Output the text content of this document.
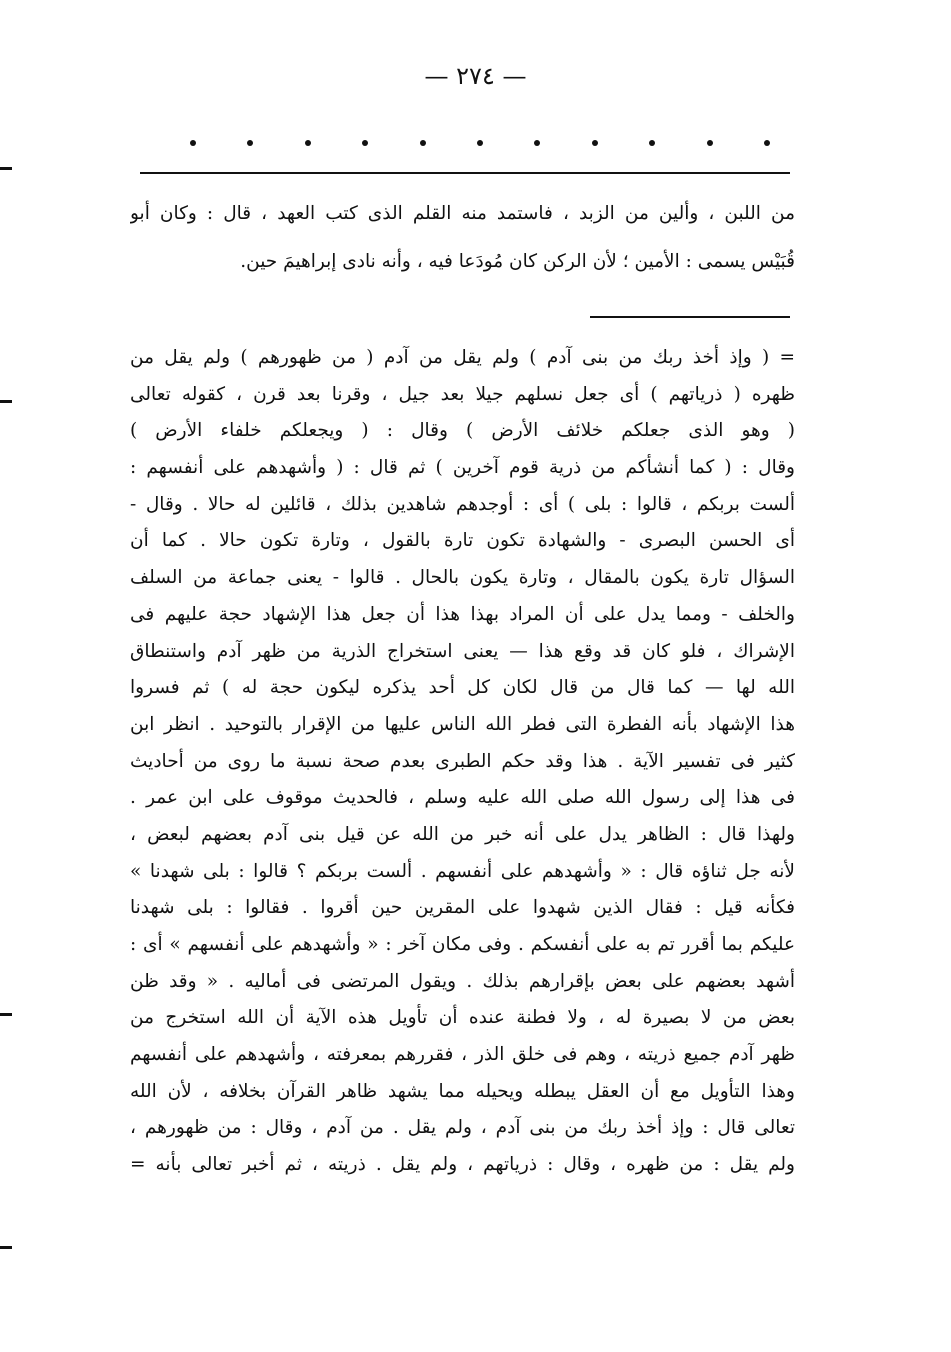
— ٢٧٤ —
من اللبن ، وألين من الزبد ، فاستمد منه القلم الذى كتب العهد ، قال : وكان أبو
قُبَيْس يسمى : الأمين ؛ لأن الركن كان مُودَعا فيه ، وأنه نادى إبراهيمَ حين.
= ( وإذ أخذ ربك من بنى آدم ) ولم يقل من آدم ( من ظهورهم ) ولم يقل من
ظهره ( ذرياتهم ) أى جعل نسلهم جيلا بعد جيل ، وقرنا بعد قرن ، كقوله تعالى
( وهو الذى جعلكم خلائف الأرض ) وقال : ( ويجعلكم خلفاء الأرض )
وقال : ( كما أنشأكم من ذرية قوم آخرين ) ثم قال : ( وأشهدهم على أنفسهم :
ألست بربكم ، قالوا : بلى ) أى : أوجدهم شاهدين بذلك ، قائلين له حالا . وقال -
أى الحسن البصرى - والشهادة تكون تارة بالقول ، وتارة تكون حالا . كما أن
السؤال تارة يكون بالمقال ، وتارة يكون بالحال . قالوا - يعنى جماعة من السلف
والخلف - ومما يدل على أن المراد بهذا هذا أن جعل هذا الإشهاد حجة عليهم فى
الإشراك ، فلو كان قد وقع هذا — يعنى استخراج الذرية من ظهر آدم واستنطاق
الله لها — كما قال من قال لكان كل أحد يذكره ليكون حجة له ) ثم فسروا
هذا الإشهاد بأنه الفطرة التى فطر الله الناس عليها من الإقرار بالتوحيد . انظر ابن
كثير فى تفسير الآية . هذا وقد حكم الطبرى بعدم صحة نسبة ما روى من أحاديث
فى هذا إلى رسول الله صلى الله عليه وسلم ، فالحديث موقوف على ابن عمر .
ولهذا قال : الظاهر يدل على أنه خبر من الله عن قيل بنى آدم بعضهم لبعض ،
لأنه جل ثناؤه قال : « وأشهدهم على أنفسهم . ألست بربكم ؟ قالوا : بلى شهدنا »
فكأنه قيل : فقال الذين شهدوا على المقرين حين أقروا . فقالوا : بلى شهدنا
عليكم بما أقرر تم به على أنفسكم . وفى مكان آخر : « وأشهدهم على أنفسهم » أى :
أشهد بعضهم على بعض بإقرارهم بذلك . ويقول المرتضى فى أماليه . « وقد ظن
بعض من لا بصيرة له ، ولا فطنة عنده أن تأويل هذه الآية أن الله استخرج من
ظهر آدم جميع ذريته ، وهم فى خلق الذر ، فقررهم بمعرفته ، وأشهدهم على أنفسهم
وهذا التأويل مع أن العقل يبطله ويحيله مما يشهد ظاهر القرآن بخلافه ، لأن الله
تعالى قال : وإذ أخذ ربك من بنى آدم ، ولم يقل . من آدم ، وقال : من ظهورهم ،
ولم يقل : من ظهره ، وقال : ذرياتهم ، ولم يقل . ذريته ، ثم أخبر تعالى بأنه =
